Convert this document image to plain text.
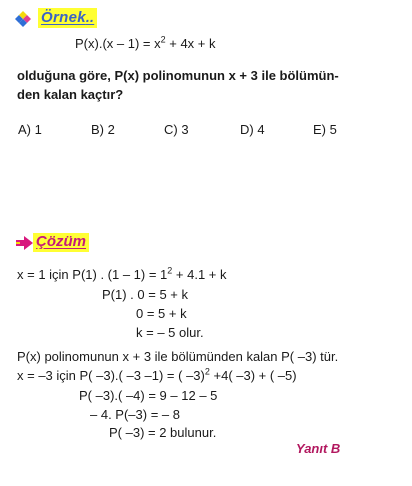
Örnek..
$P(x).(x - 1) = x^2 + 4x + k$
olduğuna göre, P(x) polinomunun x + 3 ile bölümün-
den kalan kaçtır?
A) 1	B) 2	C) 3	D) 4	E) 5
Çözüm
x = 1 için P(1) . $(1 - 1) = 1^2 + 4.1 + k$
P(1) . 0 = 5 + k
0 = 5 + k
k = – 5 olur.
P(x) polinomunun x + 3 ile bölümünden kalan P( –3) tür.
x = –3 için P( –3).( –3 –1) = ( –3)$^2$ +4( –3) + ( –5)
P( –3).( –4) = 9 – 12 – 5
– 4. P(–3) = – 8
P( –3) = 2 bulunur.
Yanıt B
